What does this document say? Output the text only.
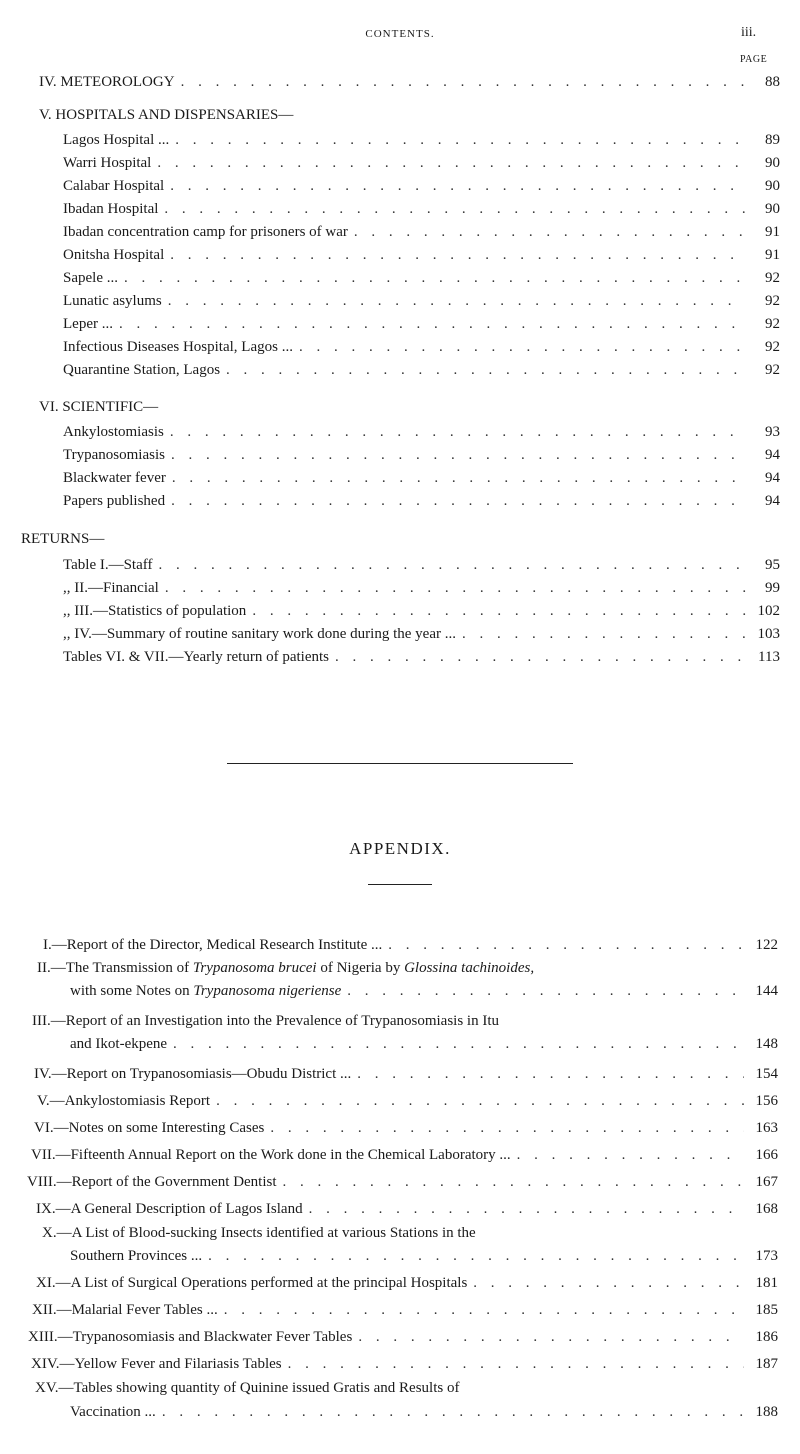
CONTENTS.	iii.
PAGE
IV. METEOROLOGY . . .	88
V. HOSPITALS AND DISPENSARIES—
Lagos Hospital ... . . .	89
Warri Hospital . . .	90
Calabar Hospital . . .	90
Ibadan Hospital . . .	90
Ibadan concentration camp for prisoners of war . . .	91
Onitsha Hospital . . .	91
Sapele ... . . .	92
Lunatic asylums . . .	92
Leper ... . . .	92
Infectious Diseases Hospital, Lagos ... . . .	92
Quarantine Station, Lagos . . .	92
VI. SCIENTIFIC—
Ankylostomiasis . . .	93
Trypanosomiasis . . .	94
Blackwater fever . . .	94
Papers published . . .	94
RETURNS—
Table I.—Staff . . .	95
,, II.—Financial . . .	99
,, III.—Statistics of population . . .	102
,, IV.—Summary of routine sanitary work done during the year ... . . .	103
Tables VI. & VII.—Yearly return of patients . . .	113
APPENDIX.
I.—Report of the Director, Medical Research Institute ... . . .	122
II.—The Transmission of Trypanosoma brucei of Nigeria by Glossina tachinoides,
with some Notes on Trypanosoma nigeriense . . .	144
III.—Report of an Investigation into the Prevalence of Trypanosomiasis in Itu
and Ikot-ekpene . . .	148
IV.—Report on Trypanosomiasis—Obudu District ... . . .	154
V.—Ankylostomiasis Report . . .	156
VI.—Notes on some Interesting Cases . . .	163
VII.—Fifteenth Annual Report on the Work done in the Chemical Laboratory ... . . .	166
VIII.—Report of the Government Dentist . . .	167
IX.—A General Description of Lagos Island . . .	168
X.—A List of Blood-sucking Insects identified at various Stations in the
Southern Provinces ... . . .	173
XI.—A List of Surgical Operations performed at the principal Hospitals . . .	181
XII.—Malarial Fever Tables ... . . .	185
XIII.—Trypanosomiasis and Blackwater Fever Tables . . .	186
XIV.—Yellow Fever and Filariasis Tables . . .	187
XV.—Tables showing quantity of Quinine issued Gratis and Results of
Vaccination ... . . .	188
